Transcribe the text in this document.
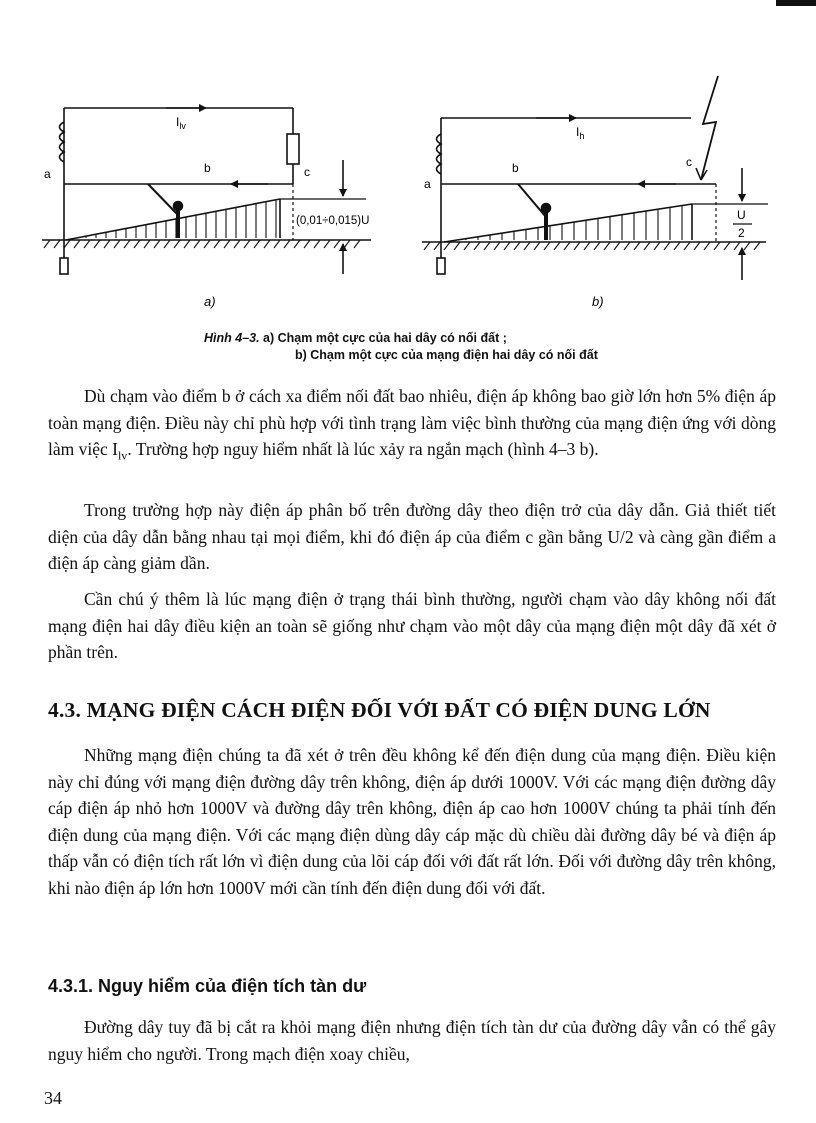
a	b	c
$I_{lv}$
(0,01÷0,015)U
a)
a
b	c
$I_h$
U
2
b)
Hình 4–3. a) Chạm một cực của hai dây có nối đất ;
b) Chạm một cực của mạng điện hai dây có nối đất

Dù chạm vào điểm b ở cách xa điểm nối đất bao nhiêu, điện áp không bao giờ lớn hơn 5% điện áp toàn mạng điện. Điều này chỉ phù hợp với tình trạng làm việc bình thường của mạng điện ứng với dòng làm việc $I_{lv}$. Trường hợp nguy hiểm nhất là lúc xảy ra ngắn mạch (hình 4–3 b).

Trong trường hợp này điện áp phân bố trên đường dây theo điện trở của dây dẫn. Giả thiết tiết diện của dây dẫn bằng nhau tại mọi điểm, khi đó điện áp của điểm c gần bằng U/2 và càng gần điểm a điện áp càng giảm dần.

Cần chú ý thêm là lúc mạng điện ở trạng thái bình thường, người chạm vào dây không nối đất mạng điện hai dây điều kiện an toàn sẽ giống như chạm vào một dây của mạng điện một dây đã xét ở phần trên.

4.3. MẠNG ĐIỆN CÁCH ĐIỆN ĐỐI VỚI ĐẤT CÓ ĐIỆN DUNG LỚN

Những mạng điện chúng ta đã xét ở trên đều không kể đến điện dung của mạng điện. Điều kiện này chỉ đúng với mạng điện đường dây trên không, điện áp dưới 1000V. Với các mạng điện đường dây cáp điện áp nhỏ hơn 1000V và đường dây trên không, điện áp cao hơn 1000V chúng ta phải tính đến điện dung của mạng điện. Với các mạng điện dùng dây cáp mặc dù chiều dài đường dây bé và điện áp thấp vẫn có điện tích rất lớn vì điện dung của lõi cáp đối với đất rất lớn. Đối với đường dây trên không, khi nào điện áp lớn hơn 1000V mới cần tính đến điện dung đối với đất.

4.3.1. Nguy hiểm của điện tích tàn dư

Đường dây tuy đã bị cắt ra khỏi mạng điện nhưng điện tích tàn dư của đường dây vẫn có thể gây nguy hiểm cho người. Trong mạch điện xoay chiều,

34
